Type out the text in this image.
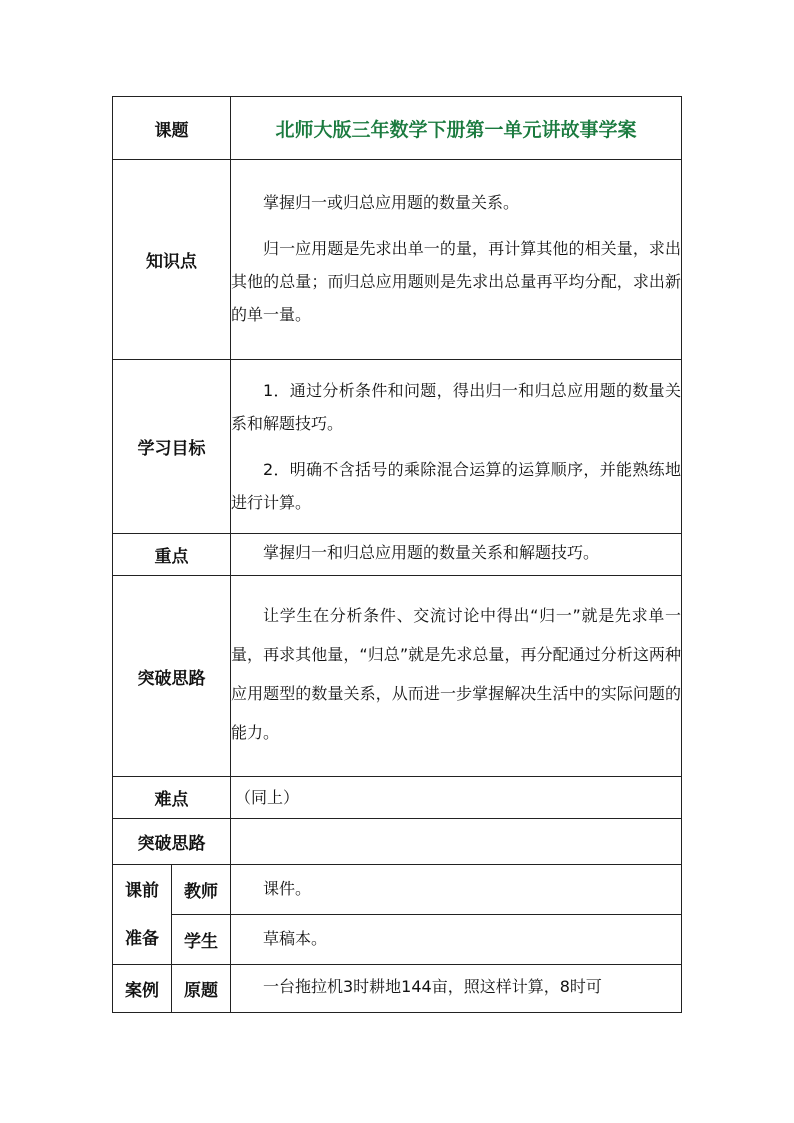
课题		北师大版三年数学下册第一单元讲故事学案
知识点		掌握归一或归总应用题的数量关系。

归一应用题是先求出单一的量，再计算其他的相关量，求出其他的总量；而归总应用题则是先求出总量再平均分配，求出新的单一量。

学习目标		1．通过分析条件和问题，得出归一和归总应用题的数量关系和解题技巧。

2．明确不含括号的乘除混合运算的运算顺序，并能熟练地进行计算。

重点		掌握归一和归总应用题的数量关系和解题技巧。

突破思路		让学生在分析条件、交流讨论中得出“归一”就是先求单一量，再求其他量，“归总”就是先求总量，再分配通过分析这两种应用题型的数量关系，从而进一步掌握解决生活中的实际问题的能力。

难点		（同上）

突破思路		

课前
准备	教师	课件。

	学生	草稿本。

案例	原题	一台拖拉机3时耕地144亩，照这样计算，8时可
